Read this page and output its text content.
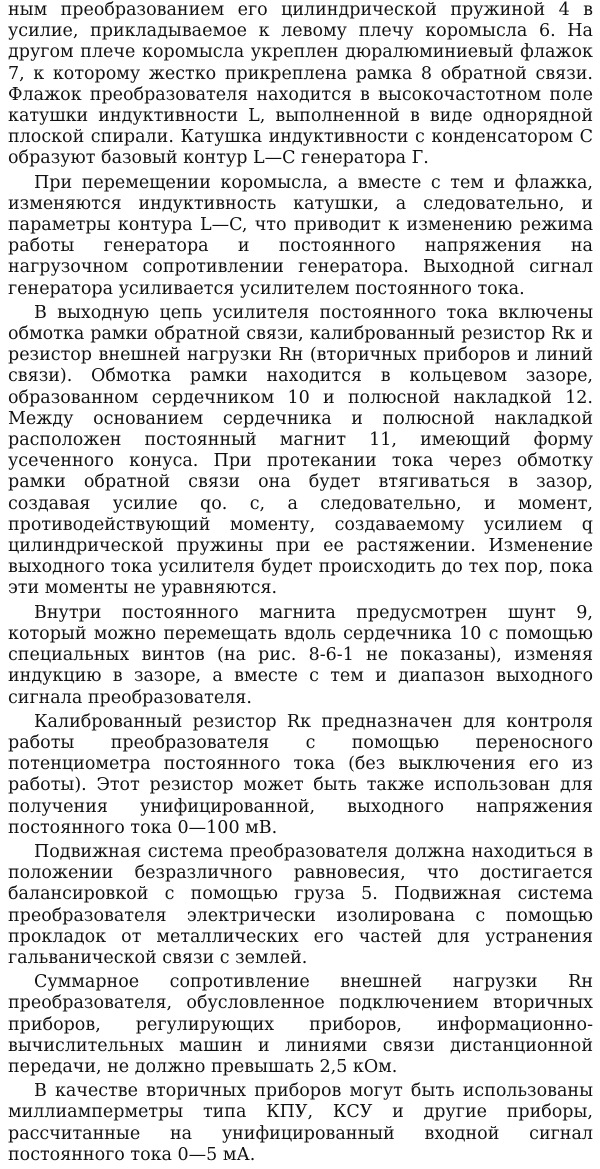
ным преобразованием его цилиндрической пружиной 4 в усилие, прикладываемое к левому плечу коромысла 6. На другом плече коромысла укреплен дюралюминиевый флажок 7, к которому жестко прикреплена рамка 8 обратной связи. Флажок преобразователя находится в высокочастотном поле катушки индуктивности L, выполненной в виде однорядной плоской спирали. Катушка индуктивности с конденсатором C образуют базовый контур L—C генератора Г.

При перемещении коромысла, а вместе с тем и флажка, изменяются индуктивность катушки, а следовательно, и параметры контура L—C, что приводит к изменению режима работы генератора и постоянного напряжения на нагрузочном сопротивлении генератора. Выходной сигнал генератора усиливается усилителем постоянного тока.

В выходную цепь усилителя постоянного тока включены обмотка рамки обратной связи, калиброванный резистор Rк и резистор внешней нагрузки Rн (вторичных приборов и линий связи). Обмотка рамки находится в кольцевом зазоре, образованном сердечником 10 и полюсной накладкой 12. Между основанием сердечника и полюсной накладкой расположен постоянный магнит 11, имеющий форму усеченного конуса. При протекании тока через обмотку рамки обратной связи она будет втягиваться в зазор, создавая усилие qо. с, а следовательно, и момент, противодействующий моменту, создаваемому усилием q цилиндрической пружины при ее растяжении. Изменение выходного тока усилителя будет происходить до тех пор, пока эти моменты не уравняются.

Внутри постоянного магнита предусмотрен шунт 9, который можно перемещать вдоль сердечника 10 с помощью специальных винтов (на рис. 8-6-1 не показаны), изменяя индукцию в зазоре, а вместе с тем и диапазон выходного сигнала преобразователя.

Калиброванный резистор Rк предназначен для контроля работы преобразователя с помощью переносного потенциометра постоянного тока (без выключения его из работы). Этот резистор может быть также использован для получения унифицированной, выходного напряжения постоянного тока 0—100 мВ.

Подвижная система преобразователя должна находиться в положении безразличного равновесия, что достигается балансировкой с помощью груза 5. Подвижная система преобразователя электрически изолирована с помощью прокладок от металлических его частей для устранения гальванической связи с землей.

Суммарное сопротивление внешней нагрузки Rн преобразователя, обусловленное подключением вторичных приборов, регулирующих приборов, информационно-вычислительных машин и линиями связи дистанционной передачи, не должно превышать 2,5 кОм.

В качестве вторичных приборов могут быть использованы миллиамперметры типа КПУ, КСУ и другие приборы, рассчитанные на унифицированный входной сигнал постоянного тока 0—5 мА.
